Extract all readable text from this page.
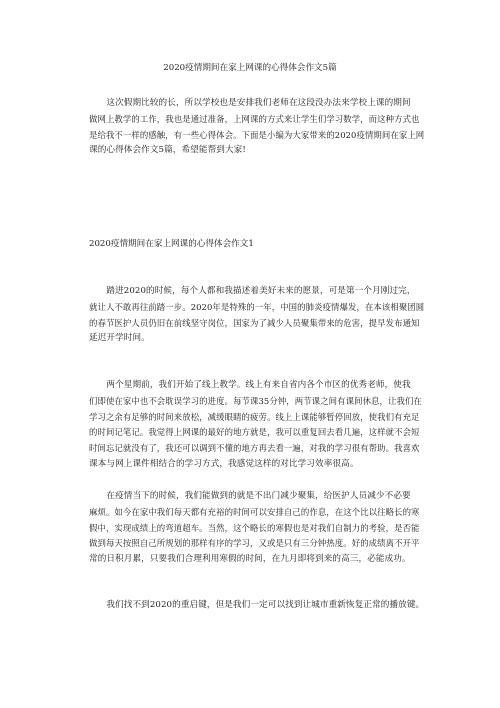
2020疫情期间在家上网课的心得体会作文5篇
　　这次假期比较的长，所以学校也是安排我们老师在这段没办法来学校上课的期间
做网上教学的工作，我也是通过准备，上网课的方式来让学生们学习数学，而这种方式也
是给我不一样的感触，有一些心得体会。下面是小编为大家带来的2020疫情期间在家上网
课的心得体会作文5篇，希望能帮到大家!
2020疫情期间在家上网课的心得体会作文1
　　踏进2020的时候，每个人都和我描述着美好未来的愿景，可是第一个月刚过完，
就让人不敢再往前踏一步。2020年是特殊的一年，中国的肺炎疫情爆发，在本该相聚团圆
的春节医护人员仍旧在前线坚守岗位，国家为了减少人员聚集带来的危害，提早发布通知
延迟开学时间。
　　两个星期前，我们开始了线上教学。线上有来自省内各个市区的优秀老师，使我
们即使在家中也不会耽误学习的进度。每节课35分钟，两节课之间有课间休息，让我们在
学习之余有足够的时间来放松，减缓眼睛的疲劳。线上上课能够暂停回放，使我们有充足
的时间记笔记。我觉得上网课的最好的地方就是，我可以重复回去看几遍，这样就不会短
时间忘记就没有了，我还可以调到不懂的地方再去看一遍，对我的学习很有帮助。我喜欢
课本与网上课件相结合的学习方式，我感觉这样的对比学习效率很高。
　　在疫情当下的时候，我们能做到的就是不出门减少聚集，给医护人员减少不必要
麻烦。如今在家中我们每天都有充裕的时间可以安排自己的作息，在这个比以往略长的寒
假中，实现成绩上的弯道超车。当然，这个略长的寒假也是对我们自制力的考验，是否能
做到每天按照自己所规划的那样有序的学习，又或是只有三分钟热度。好的成绩离不开平
常的日积月累，只要我们合理利用寒假的时间，在九月即将到来的高三，必能成功。
　　我们找不到2020的重启键，但是我们一定可以找到让城市重新恢复正常的播放键。
